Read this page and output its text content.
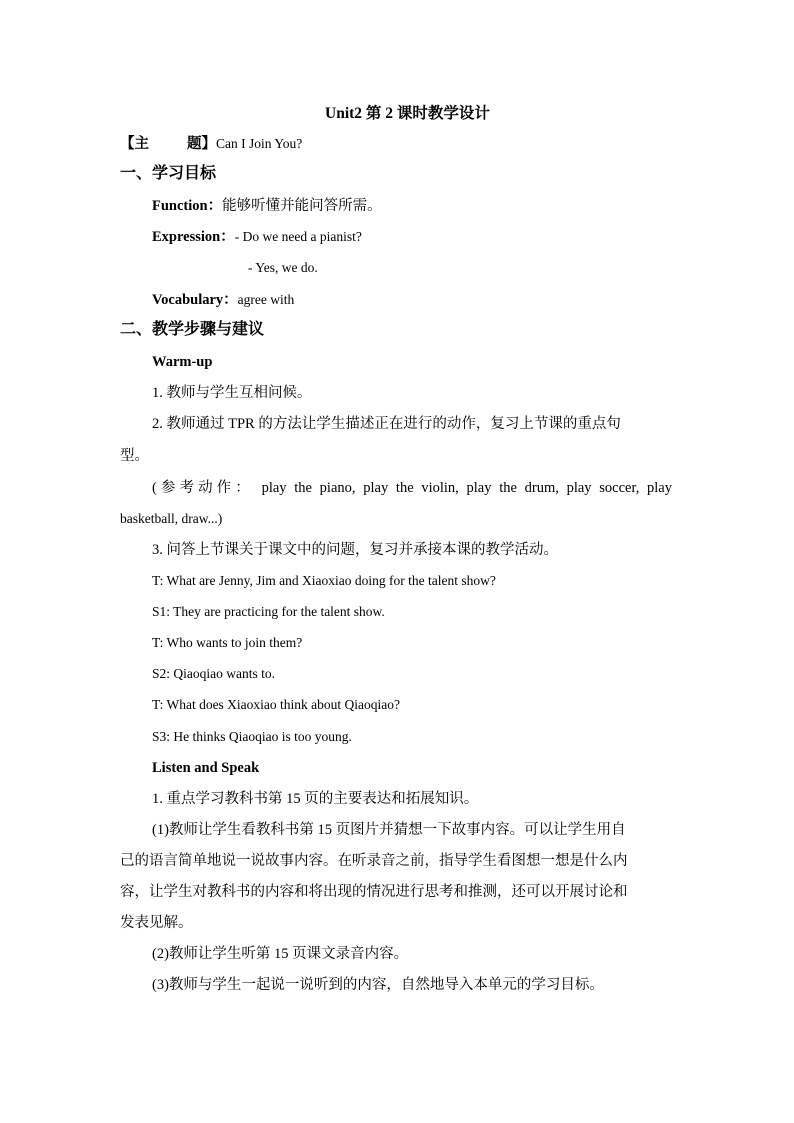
Unit2 第 2 课时教学设计
【主	题】Can I Join You?
一、学习目标
Function：能够听懂并能问答所需。
Expression：- Do we need a pianist?
- Yes, we do.
Vocabulary：agree with
二、教学步骤与建议
Warm-up
1. 教师与学生互相问候。
2. 教师通过 TPR 的方法让学生描述正在进行的动作，复习上节课的重点句
型。
(参考动作： play the piano, play the violin, play the drum, play soccer, play
basketball, draw...)
3. 问答上节课关于课文中的问题，复习并承接本课的教学活动。
T: What are Jenny, Jim and Xiaoxiao doing for the talent show?
S1: They are practicing for the talent show.
T: Who wants to join them?
S2: Qiaoqiao wants to.
T: What does Xiaoxiao think about Qiaoqiao?
S3: He thinks Qiaoqiao is too young.
Listen and Speak
1. 重点学习教科书第 15 页的主要表达和拓展知识。
(1)教师让学生看教科书第 15 页图片并猜想一下故事内容。可以让学生用自
己的语言简单地说一说故事内容。在听录音之前，指导学生看图想一想是什么内
容，让学生对教科书的内容和将出现的情况进行思考和推测，还可以开展讨论和
发表见解。
(2)教师让学生听第 15 页课文录音内容。
(3)教师与学生一起说一说听到的内容，自然地导入本单元的学习目标。
